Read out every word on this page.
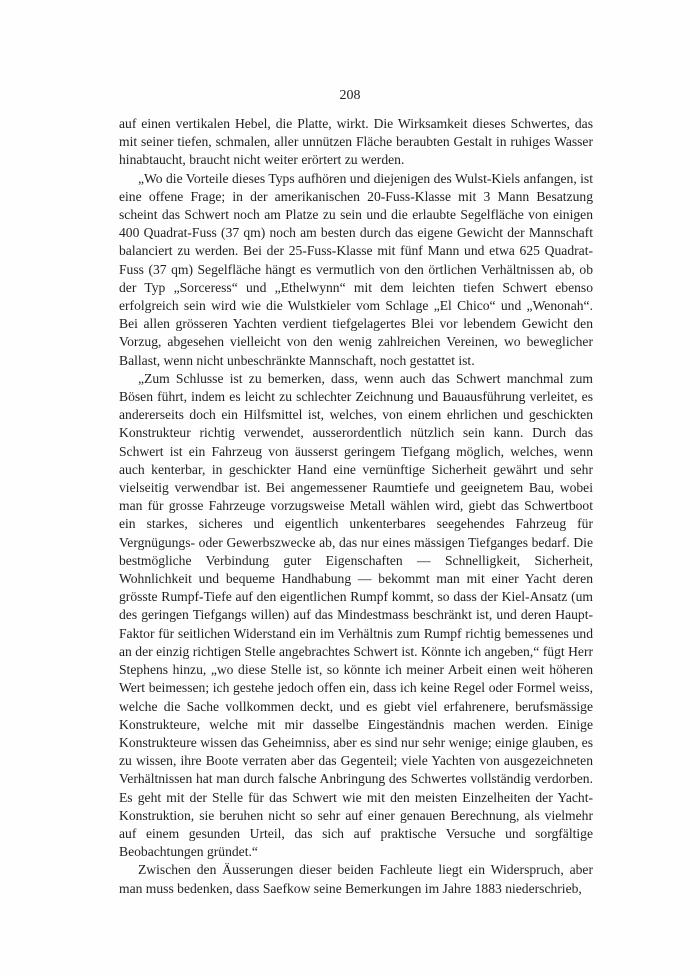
208

auf einen vertikalen Hebel, die Platte, wirkt. Die Wirksamkeit dieses Schwertes, das mit seiner tiefen, schmalen, aller unnützen Fläche beraubten Gestalt in ruhiges Wasser hinabtaucht, braucht nicht weiter erörtert zu werden.

„Wo die Vorteile dieses Typs aufhören und diejenigen des Wulst-Kiels anfangen, ist eine offene Frage; in der amerikanischen 20-Fuss-Klasse mit 3 Mann Besatzung scheint das Schwert noch am Platze zu sein und die erlaubte Segelfläche von einigen 400 Quadrat-Fuss (37 qm) noch am besten durch das eigene Gewicht der Mannschaft balanciert zu werden. Bei der 25-Fuss-Klasse mit fünf Mann und etwa 625 Quadrat-Fuss (37 qm) Segelfläche hängt es vermutlich von den örtlichen Verhältnissen ab, ob der Typ „Sorceress“ und „Ethelwynn“ mit dem leichten tiefen Schwert ebenso erfolgreich sein wird wie die Wulstkieler vom Schlage „El Chico“ und „Wenonah“. Bei allen grösseren Yachten verdient tiefgelagertes Blei vor lebendem Gewicht den Vorzug, abgesehen vielleicht von den wenig zahlreichen Vereinen, wo beweglicher Ballast, wenn nicht unbeschränkte Mannschaft, noch gestattet ist.

„Zum Schlusse ist zu bemerken, dass, wenn auch das Schwert manchmal zum Bösen führt, indem es leicht zu schlechter Zeichnung und Bauausführung verleitet, es andererseits doch ein Hilfsmittel ist, welches, von einem ehrlichen und geschickten Konstrukteur richtig verwendet, ausserordentlich nützlich sein kann. Durch das Schwert ist ein Fahrzeug von äusserst geringem Tiefgang möglich, welches, wenn auch kenterbar, in geschickter Hand eine vernünftige Sicherheit gewährt und sehr vielseitig verwendbar ist. Bei angemessener Raumtiefe und geeignetem Bau, wobei man für grosse Fahrzeuge vorzugsweise Metall wählen wird, giebt das Schwertboot ein starkes, sicheres und eigentlich unkenterbares seegehendes Fahrzeug für Vergnügungs- oder Gewerbszwecke ab, das nur eines mässigen Tiefganges bedarf. Die bestmögliche Verbindung guter Eigenschaften — Schnelligkeit, Sicherheit, Wohnlichkeit und bequeme Handhabung — bekommt man mit einer Yacht deren grösste Rumpf-Tiefe auf den eigentlichen Rumpf kommt, so dass der Kiel-Ansatz (um des geringen Tiefgangs willen) auf das Mindestmass beschränkt ist, und deren Haupt-Faktor für seitlichen Widerstand ein im Verhältnis zum Rumpf richtig bemessenes und an der einzig richtigen Stelle angebrachtes Schwert ist. Könnte ich angeben,“ fügt Herr Stephens hinzu, „wo diese Stelle ist, so könnte ich meiner Arbeit einen weit höheren Wert beimessen; ich gestehe jedoch offen ein, dass ich keine Regel oder Formel weiss, welche die Sache vollkommen deckt, und es giebt viel erfahrenere, berufsmässige Konstrukteure, welche mit mir dasselbe Eingeständnis machen werden. Einige Konstrukteure wissen das Geheimniss, aber es sind nur sehr wenige; einige glauben, es zu wissen, ihre Boote verraten aber das Gegenteil; viele Yachten von ausgezeichneten Verhältnissen hat man durch falsche Anbringung des Schwertes vollständig verdorben. Es geht mit der Stelle für das Schwert wie mit den meisten Einzelheiten der Yacht-Konstruktion, sie beruhen nicht so sehr auf einer genauen Berechnung, als vielmehr auf einem gesunden Urteil, das sich auf praktische Versuche und sorgfältige Beobachtungen gründet.“

Zwischen den Äusserungen dieser beiden Fachleute liegt ein Widerspruch, aber man muss bedenken, dass Saefkow seine Bemerkungen im Jahre 1883 niederschrieb,
